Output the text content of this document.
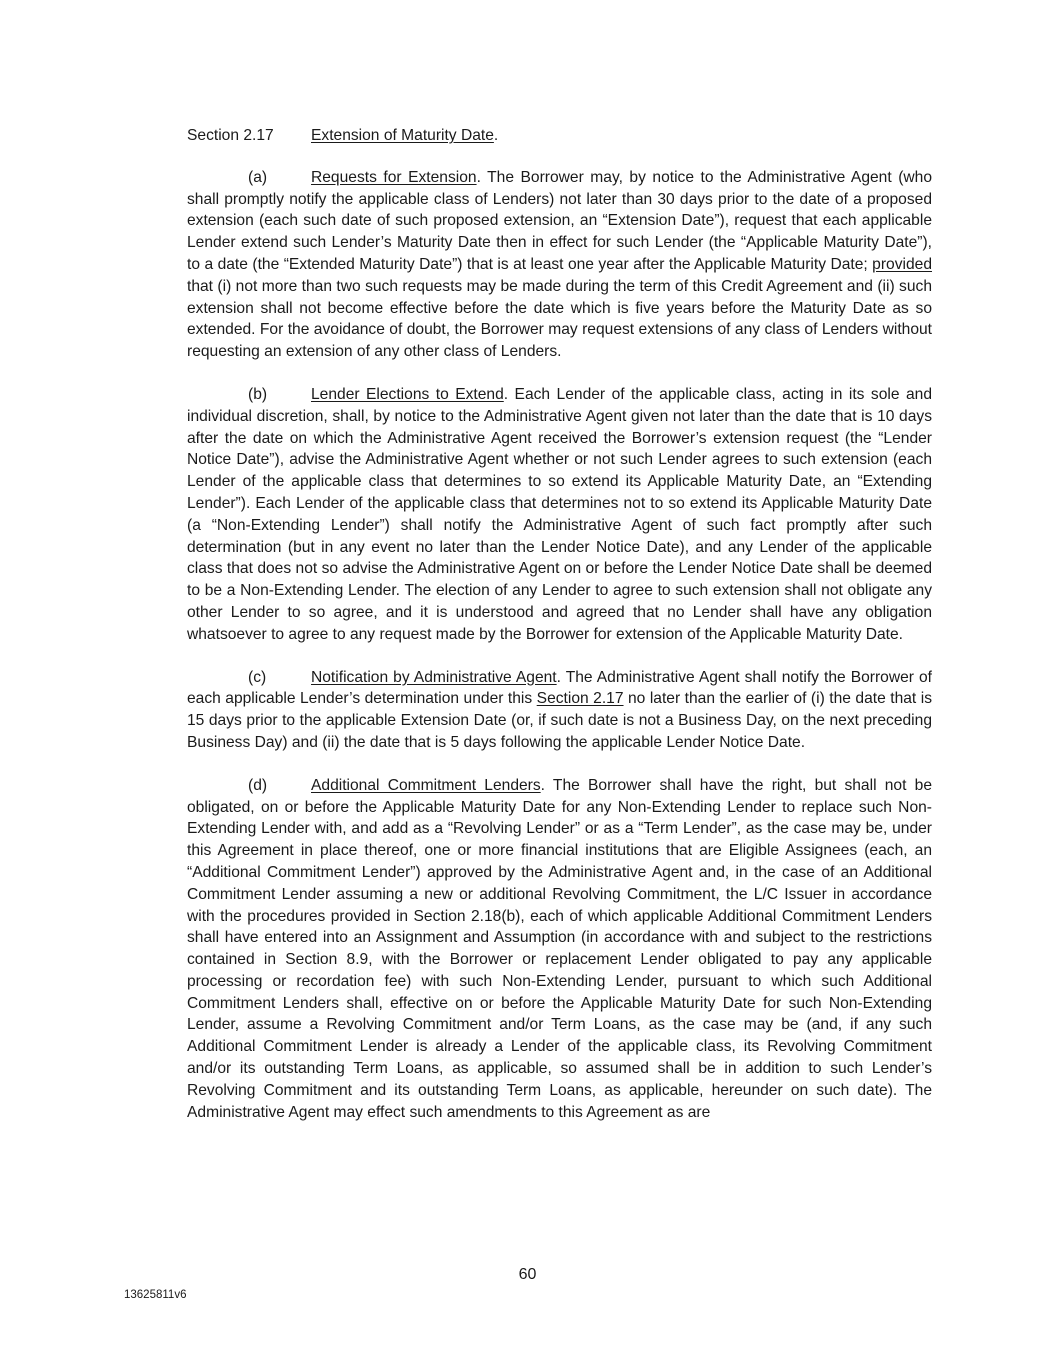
Section 2.17 Extension of Maturity Date.

(a)	Requests for Extension. The Borrower may, by notice to the Administrative Agent (who shall promptly notify the applicable class of Lenders) not later than 30 days prior to the date of a proposed extension (each such date of such proposed extension, an “Extension Date”), request that each applicable Lender extend such Lender’s Maturity Date then in effect for such Lender (the “Applicable Maturity Date”), to a date (the “Extended Maturity Date”) that is at least one year after the Applicable Maturity Date; provided that (i) not more than two such requests may be made during the term of this Credit Agreement and (ii) such extension shall not become effective before the date which is five years before the Maturity Date as so extended. For the avoidance of doubt, the Borrower may request extensions of any class of Lenders without requesting an extension of any other class of Lenders.

(b)	Lender Elections to Extend. Each Lender of the applicable class, acting in its sole and individual discretion, shall, by notice to the Administrative Agent given not later than the date that is 10 days after the date on which the Administrative Agent received the Borrower’s extension request (the “Lender Notice Date”), advise the Administrative Agent whether or not such Lender agrees to such extension (each Lender of the applicable class that determines to so extend its Applicable Maturity Date, an “Extending Lender”). Each Lender of the applicable class that determines not to so extend its Applicable Maturity Date (a “Non-Extending Lender”) shall notify the Administrative Agent of such fact promptly after such determination (but in any event no later than the Lender Notice Date), and any Lender of the applicable class that does not so advise the Administrative Agent on or before the Lender Notice Date shall be deemed to be a Non-Extending Lender. The election of any Lender to agree to such extension shall not obligate any other Lender to so agree, and it is understood and agreed that no Lender shall have any obligation whatsoever to agree to any request made by the Borrower for extension of the Applicable Maturity Date.

(c)	Notification by Administrative Agent. The Administrative Agent shall notify the Borrower of each applicable Lender’s determination under this Section 2.17 no later than the earlier of (i) the date that is 15 days prior to the applicable Extension Date (or, if such date is not a Business Day, on the next preceding Business Day) and (ii) the date that is 5 days following the applicable Lender Notice Date.

(d)	Additional Commitment Lenders. The Borrower shall have the right, but shall not be obligated, on or before the Applicable Maturity Date for any Non-Extending Lender to replace such Non-Extending Lender with, and add as a “Revolving Lender” or as a “Term Lender”, as the case may be, under this Agreement in place thereof, one or more financial institutions that are Eligible Assignees (each, an “Additional Commitment Lender”) approved by the Administrative Agent and, in the case of an Additional Commitment Lender assuming a new or additional Revolving Commitment, the L/C Issuer in accordance with the procedures provided in Section 2.18(b), each of which applicable Additional Commitment Lenders shall have entered into an Assignment and Assumption (in accordance with and subject to the restrictions contained in Section 8.9, with the Borrower or replacement Lender obligated to pay any applicable processing or recordation fee) with such Non-Extending Lender, pursuant to which such Additional Commitment Lenders shall, effective on or before the Applicable Maturity Date for such Non-Extending Lender, assume a Revolving Commitment and/or Term Loans, as the case may be (and, if any such Additional Commitment Lender is already a Lender of the applicable class, its Revolving Commitment and/or its outstanding Term Loans, as applicable, so assumed shall be in addition to such Lender’s Revolving Commitment and its outstanding Term Loans, as applicable, hereunder on such date). The Administrative Agent may effect such amendments to this Agreement as are

60
13625811v6
